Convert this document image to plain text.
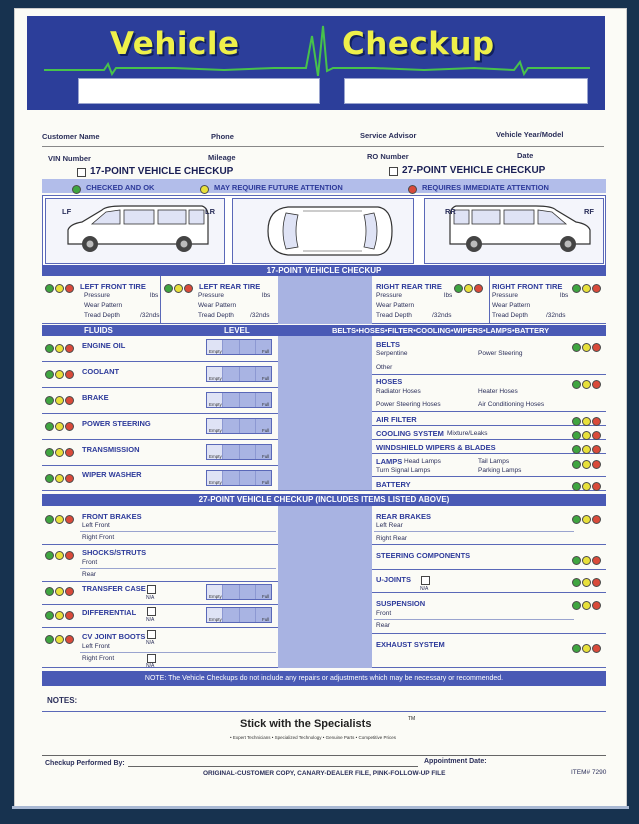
Vehicle	Checkup
Customer Name	Phone	Service Advisor	Vehicle Year/Model
VIN Number	Mileage	RO Number	Date
17-POINT VEHICLE CHECKUP	27-POINT VEHICLE CHECKUP
CHECKED AND OK	MAY REQUIRE FUTURE ATTENTION	REQUIRES IMMEDIATE ATTENTION
LF	LR	RR	RF
17-POINT VEHICLE CHECKUP
LEFT FRONT TIRE
Pressure	lbs
Wear Pattern
Tread Depth	/32nds
LEFT REAR TIRE
Pressure	lbs
Wear Pattern
Tread Depth /32nds
RIGHT REAR TIRE
Pressure	lbs
Wear Pattern
Tread Depth	/32nds
RIGHT FRONT TIRE
Pressure	lbs
Wear Pattern
Tread Depth	/32nds
FLUIDS	LEVEL	BELTS•HOSES•FILTER•COOLING•WIPERS•LAMPS•BATTERY
ENGINE OIL
Empty	Full
COOLANT
Empty	Full
BRAKE
Empty	Full
POWER STEERING
Empty	Full
TRANSMISSION
Empty	Full
WIPER WASHER
Empty	Full
BELTS
Serpentine	Power Steering
Other
HOSES
Radiator Hoses	Heater Hoses
Power Steering Hoses	Air Conditioning Hoses
AIR FILTER
COOLING SYSTEM Mixture/Leaks
WINDSHIELD WIPERS & BLADES
LAMPS Head Lamps	Tail Lamps
Turn Signal Lamps	Parking Lamps
BATTERY
27-POINT VEHICLE CHECKUP (INCLUDES ITEMS LISTED ABOVE)
FRONT BRAKES
Left Front
Right Front
SHOCKS/STRUTS
Front
Rear
TRANSFER CASE
N/A	Empty	Full
DIFFERENTIAL
N/A	Empty	Full
CV JOINT BOOTS
N/A
Left Front
Right Front
N/A
REAR BRAKES
Left Rear
Right Rear
STEERING COMPONENTS
U-JOINTS
N/A
SUSPENSION
Front
Rear
EXHAUST SYSTEM
NOTE: The Vehicle Checkups do not include any repairs or adjustments which may be necessary or recommended.
NOTES:
Stick with the Specialists	TM
• Expert Technicians • Specialized Technology • Genuine Parts • Competitive Prices
Checkup Performed By:	Appointment Date:
ORIGINAL-CUSTOMER COPY, CANARY-DEALER FILE, PINK-FOLLOW-UP FILE	ITEM# 7290
